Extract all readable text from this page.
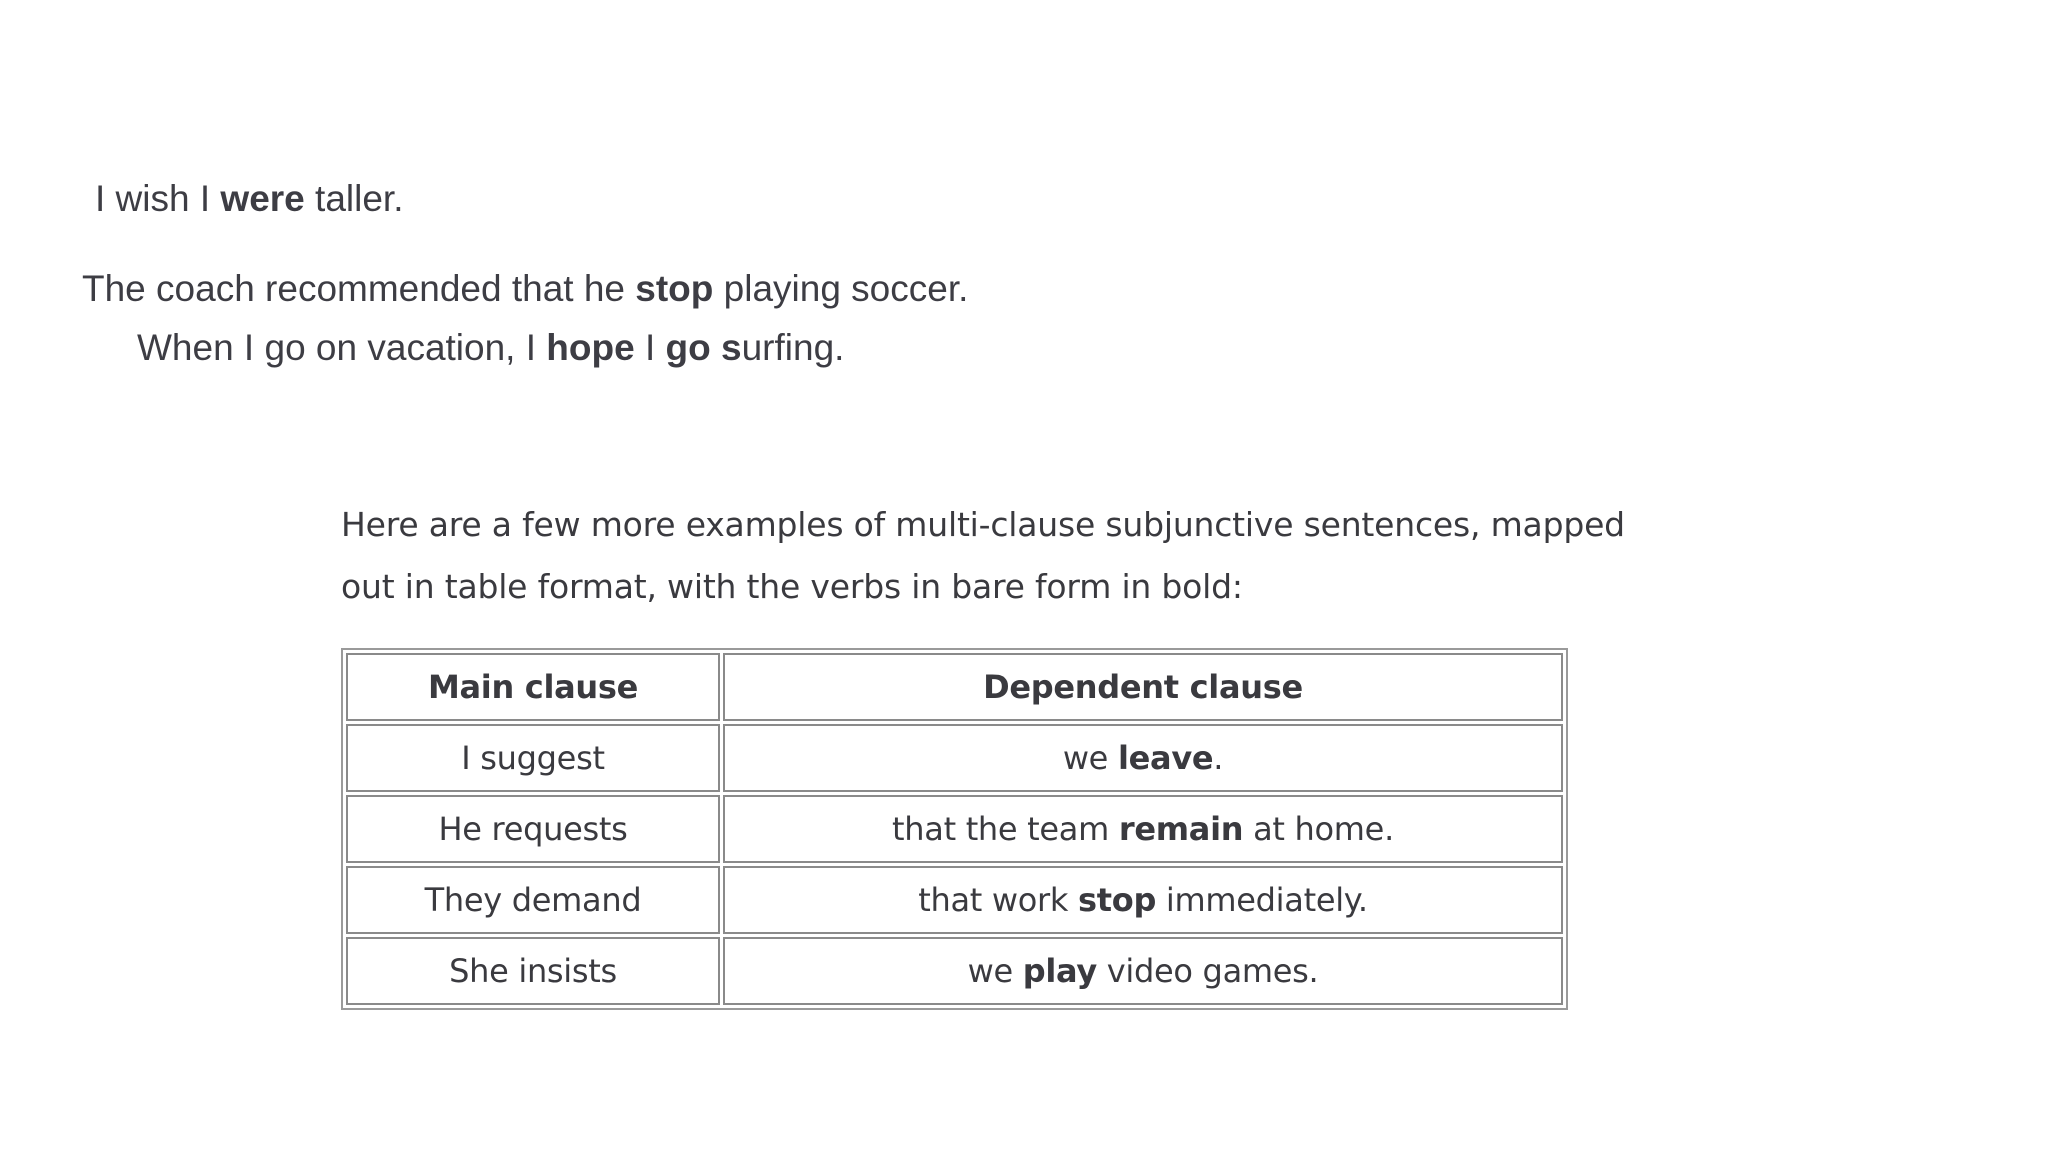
I wish I were taller.
The coach recommended that he stop playing soccer.
When I go on vacation, I hope I go surfing.

Here are a few more examples of multi-clause subjunctive sentences, mapped
out in table format, with the verbs in bare form in bold:

Main clause	Dependent clause
I suggest	we leave.
He requests	that the team remain at home.
They demand	that work stop immediately.
She insists	we play video games.
